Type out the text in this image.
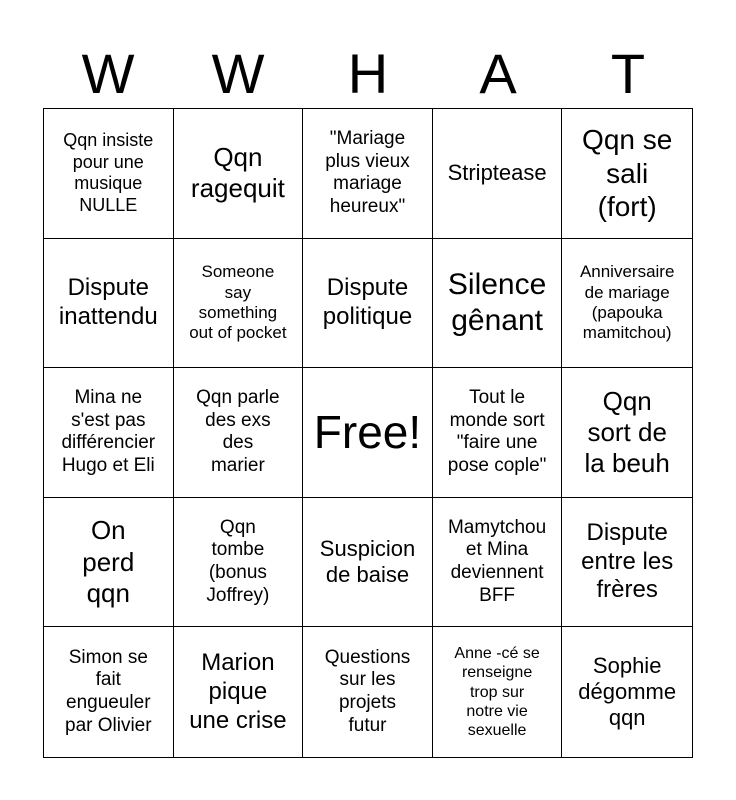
W	W	H	A	T
Qqn insiste
pour une
musique
NULLE
Qqn
ragequit
"Mariage
plus vieux
mariage
heureux"
Striptease
Qqn se
sali
(fort)
Dispute
inattendu
Someone
say
something
out of pocket
Dispute
politique
Silence
gênant
Anniversaire
de mariage
(papouka
mamitchou)
Mina ne
s'est pas
différencier
Hugo et Eli
Qqn parle
des exs
des
marier
Free!
Tout le
monde sort
"faire une
pose cople"
Qqn
sort de
la beuh
On
perd
qqn
Qqn
tombe
(bonus
Joffrey)
Suspicion
de baise
Mamytchou
et Mina
deviennent
BFF
Dispute
entre les
frères
Simon se
fait
engueuler
par Olivier
Marion
pique
une crise
Questions
sur les
projets
futur
Anne -cé se
renseigne
trop sur
notre vie
sexuelle
Sophie
dégomme
qqn
